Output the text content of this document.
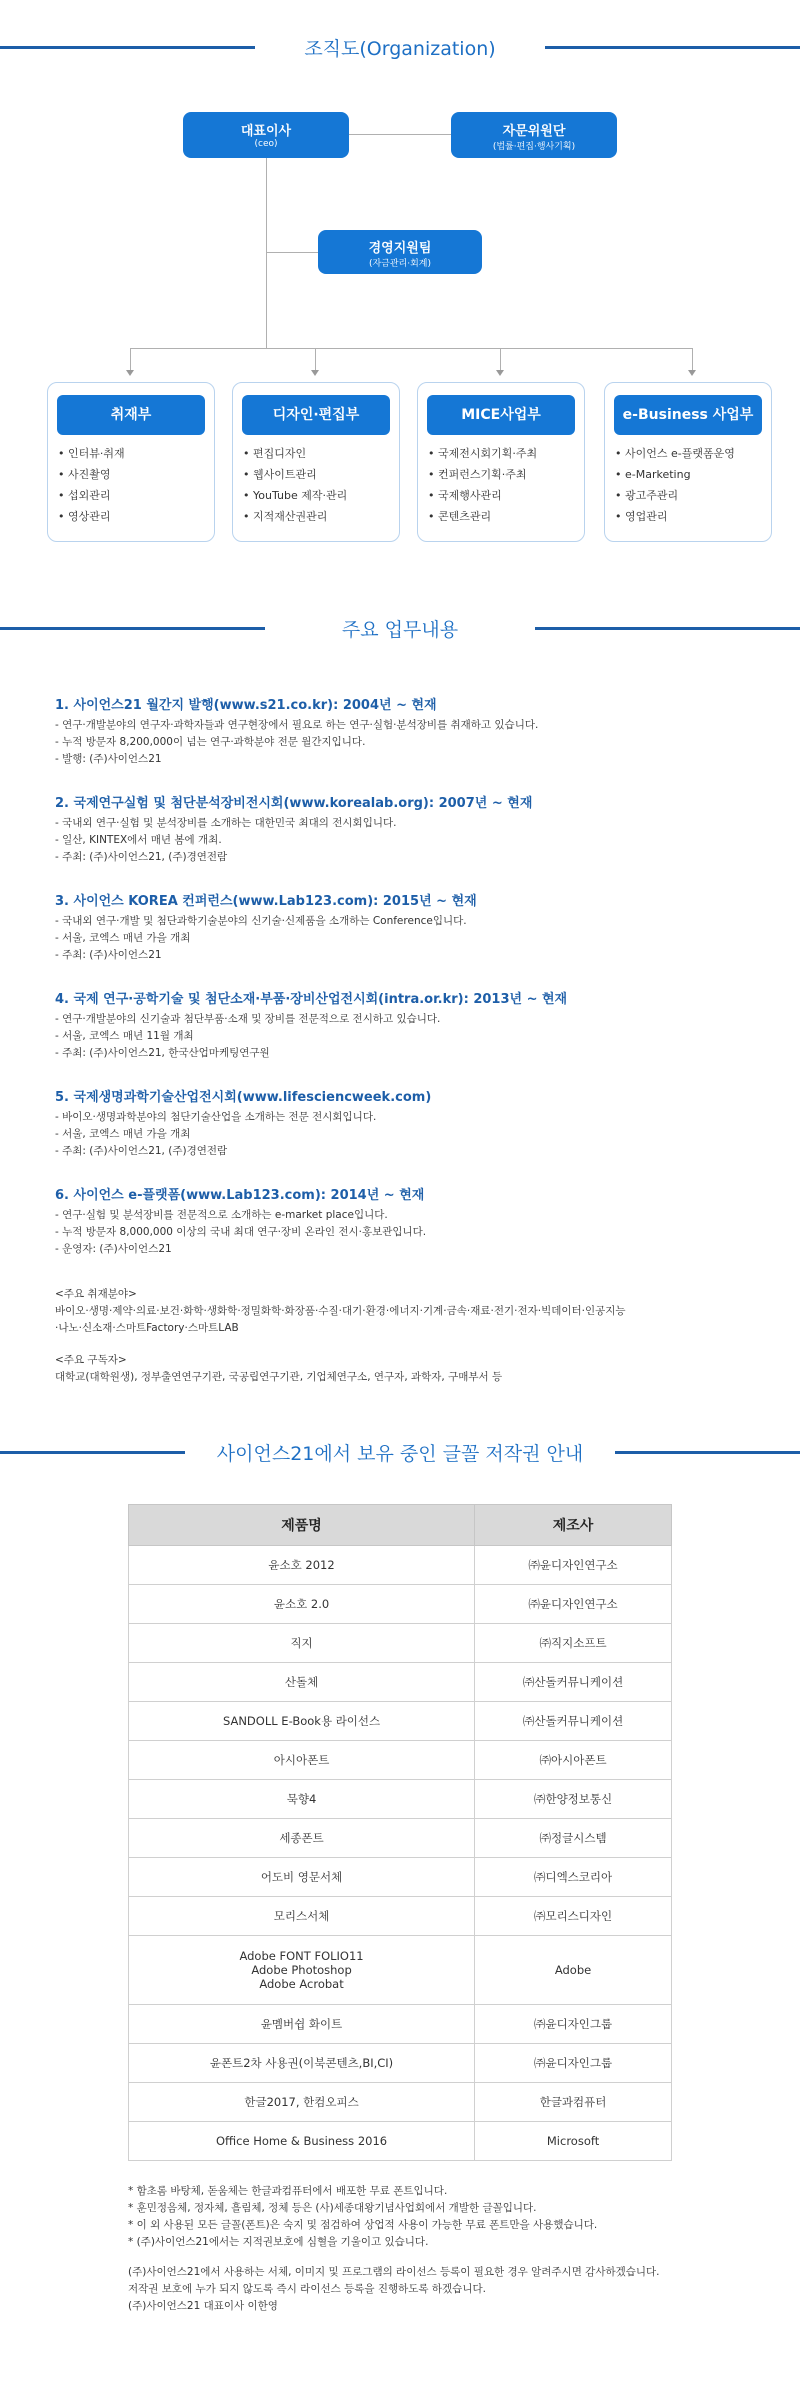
조직도(Organization)
대표이사
(ceo)
자문위원단
(법률·편집·행사기획)
경영지원팀
(자금관리·회계)
취재부
• 인터뷰·취재
• 사진촬영
• 섭외관리
• 영상관리
디자인·편집부
• 편집디자인
• 웹사이트관리
• YouTube 제작·관리
• 지적재산권관리
MICE사업부
• 국제전시회기획·주최
• 컨퍼런스기획·주최
• 국제행사관리
• 콘텐츠관리
e-Business 사업부
• 사이언스 e-플랫폼운영
• e-Marketing
• 광고주관리
• 영업관리
주요 업무내용
1. 사이언스21 월간지 발행(www.s21.co.kr): 2004년 ~ 현재
- 연구·개발분야의 연구자·과학자들과 연구현장에서 필요로 하는 연구·실험·분석장비를 취재하고 있습니다.
- 누적 방문자 8,200,000이 넘는 연구·과학분야 전문 월간지입니다.
- 발행: (주)사이언스21
2. 국제연구실험 및 첨단분석장비전시회(www.korealab.org): 2007년 ~ 현재
- 국내외 연구·실험 및 분석장비를 소개하는 대한민국 최대의 전시회입니다.
- 일산, KINTEX에서 매년 봄에 개최.
- 주최: (주)사이언스21, (주)경연전람
3. 사이언스 KOREA 컨퍼런스(www.Lab123.com): 2015년 ~ 현재
- 국내외 연구·개발 및 첨단과학기술분야의 신기술·신제품을 소개하는 Conference입니다.
- 서울, 코엑스 매년 가을 개최
- 주최: (주)사이언스21
4. 국제 연구·공학기술 및 첨단소재·부품·장비산업전시회(intra.or.kr): 2013년 ~ 현재
- 연구·개발분야의 신기술과 첨단부품·소재 및 장비를 전문적으로 전시하고 있습니다.
- 서울, 코엑스 매년 11월 개최
- 주최: (주)사이언스21, 한국산업마케팅연구원
5. 국제생명과학기술산업전시회(www.lifesciencweek.com)
- 바이오·생명과학분야의 첨단기술산업을 소개하는 전문 전시회입니다.
- 서울, 코엑스 매년 가을 개최
- 주최: (주)사이언스21, (주)경연전람
6. 사이언스 e-플랫폼(www.Lab123.com): 2014년 ~ 현재
- 연구·실험 및 분석장비를 전문적으로 소개하는 e-market place입니다.
- 누적 방문자 8,000,000 이상의 국내 최대 연구·장비 온라인 전시·홍보관입니다.
- 운영자: (주)사이언스21
<주요 취재분야>
바이오·생명·제약·의료·보건·화학·생화학·정밀화학·화장품·수질·대기·환경·에너지·기계·금속·재료·전기·전자·빅데이터·인공지능
·나노·신소재·스마트Factory·스마트LAB
<주요 구독자>
대학교(대학원생), 정부출연연구기관, 국공립연구기관, 기업체연구소, 연구자, 과학자, 구매부서 등
사이언스21에서 보유 중인 글꼴 저작권 안내
제품명	제조사
윤소호 2012	㈜윤디자인연구소
윤소호 2.0	㈜윤디자인연구소
직지	㈜직지소프트
산돌체	㈜산돌커뮤니케이션
SANDOLL E-Book용 라이선스	㈜산돌커뮤니케이션
아시아폰트	㈜아시아폰트
묵향4	㈜한양정보통신
세종폰트	㈜정글시스템
어도비 영문서체	㈜디엑스코리아
모리스서체	㈜모리스디자인
Adobe FONT FOLIO11
Adobe Photoshop
Adobe Acrobat	Adobe
윤멤버쉽 화이트	㈜윤디자인그룹
윤폰트2차 사용권(이북콘텐츠,BI,CI)	㈜윤디자인그룹
한글2017, 한컴오피스	한글과컴퓨터
Office Home & Business 2016	Microsoft
* 함초롬 바탕체, 돋움체는 한글과컴퓨터에서 배포한 무료 폰트입니다.
* 훈민정음체, 정자체, 흘림체, 정체 등은 (사)세종대왕기념사업회에서 개발한 글꼴입니다.
* 이 외 사용된 모든 글꼴(폰트)은 숙지 및 점검하여 상업적 사용이 가능한 무료 폰트만을 사용했습니다.
* (주)사이언스21에서는 지적권보호에 심혈을 기울이고 있습니다.
(주)사이언스21에서 사용하는 서체, 이미지 및 프로그램의 라이선스 등록이 필요한 경우 알려주시면 감사하겠습니다.
저작권 보호에 누가 되지 않도록 즉시 라이선스 등록을 진행하도록 하겠습니다.
(주)사이언스21 대표이사 이한영
